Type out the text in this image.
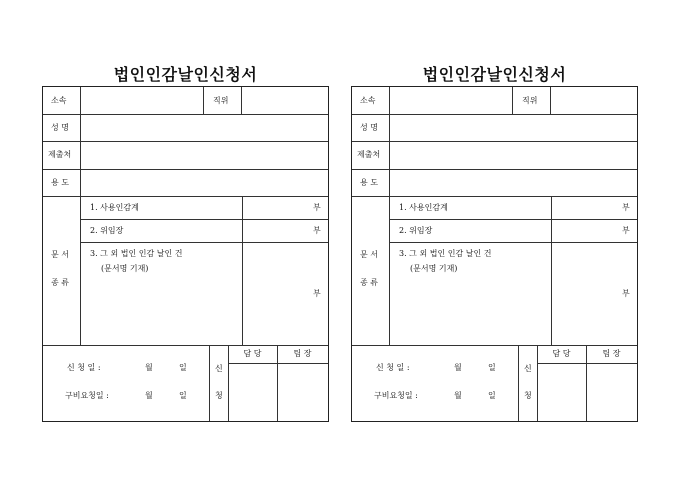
법인인감날인신청서
소속	직위
성 명
제출처
용 도
문 서
종 류
1. 사용인감계	부
2. 위임장	부
3. 그 외 법인 인감 날인 건
(문서명 기재)
부
신 청 일 :	월	일
구비요청일 :	월	일
신
청
담 당	팀 장
법인인감날인신청서
소속	직위
성 명
제출처
용 도
문 서
종 류
1. 사용인감계	부
2. 위임장	부
3. 그 외 법인 인감 날인 건
(문서명 기재)
부
신 청 일 :	월	일
구비요청일 :	월	일
신
청
담 당	팀 장
